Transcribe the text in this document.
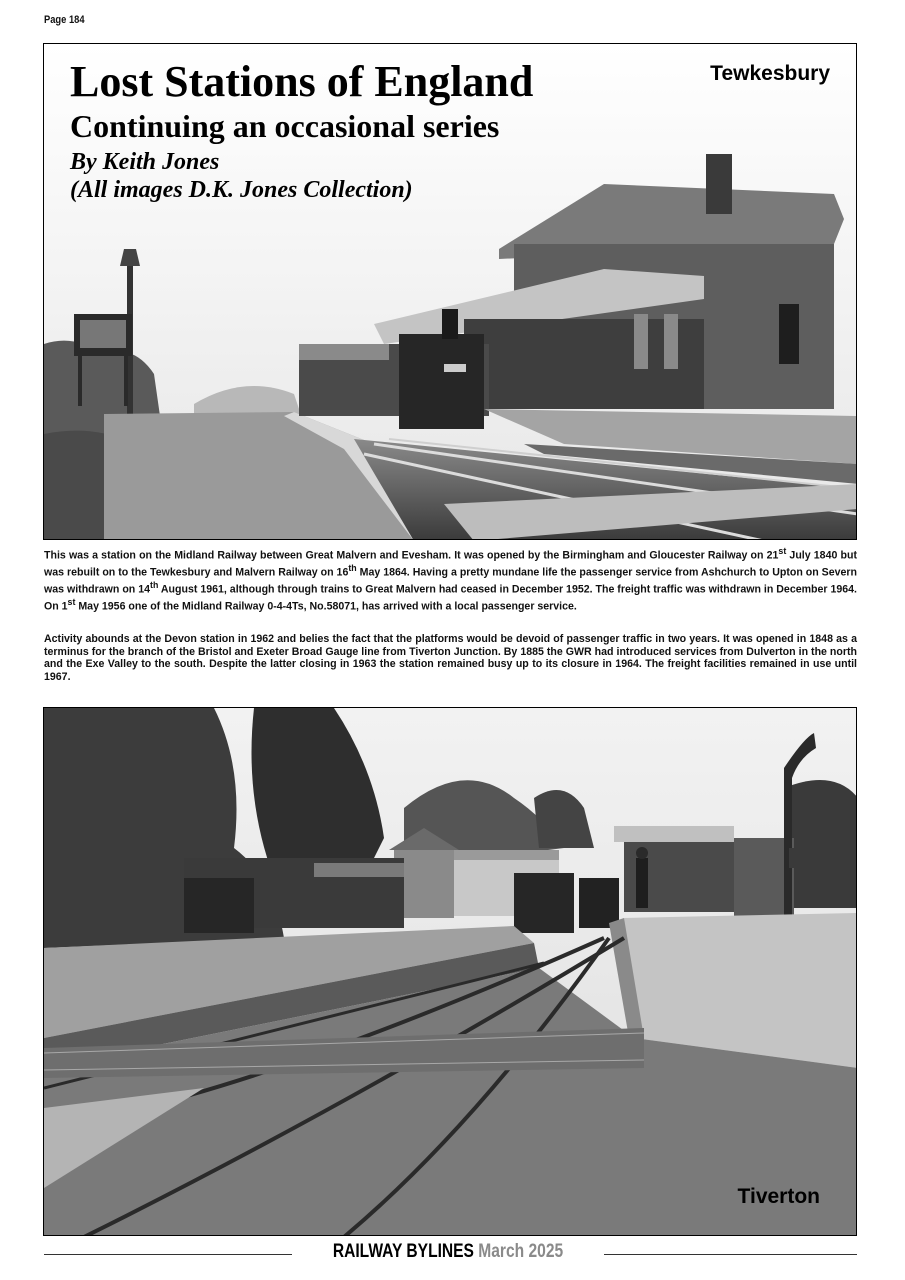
Page 184
Lost Stations of England
Continuing an occasional series
By Keith Jones
(All images D.K. Jones Collection)
Tewkesbury

This was a station on the Midland Railway between Great Malvern and Evesham. It was opened by the Birmingham and Gloucester Railway on 21st July 1840 but was rebuilt on to the Tewkesbury and Malvern Railway on 16th May 1864. Having a pretty mundane life the passenger service from Ashchurch to Upton on Severn was withdrawn on 14th August 1961, although through trains to Great Malvern had ceased in December 1952. The freight traffic was withdrawn in December 1964. On 1st May 1956 one of the Midland Railway 0-4-4Ts, No.58071, has arrived with a local passenger service.

Activity abounds at the Devon station in 1962 and belies the fact that the platforms would be devoid of passenger traffic in two years. It was opened in 1848 as a terminus for the branch of the Bristol and Exeter Broad Gauge line from Tiverton Junction. By 1885 the GWR had introduced services from Dulverton in the north and the Exe Valley to the south. Despite the latter closing in 1963 the station remained busy up to its closure in 1964. The freight facilities remained in use until 1967.

Tiverton
RAILWAY BYLINES March 2025
